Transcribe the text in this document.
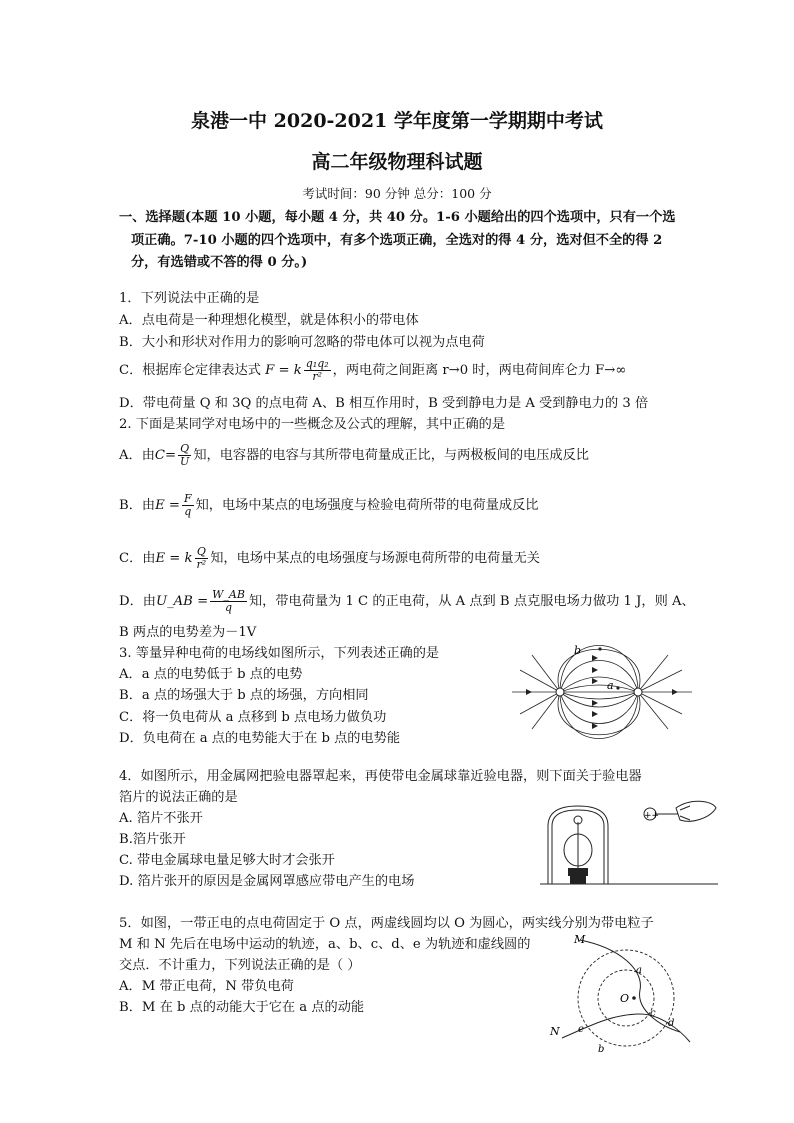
泉港一中 2020-2021 学年度第一学期期中考试
高二年级物理科试题
考试时间：90 分钟 总分：100 分
一、选择题(本题 10 小题，每小题 4 分，共 40 分。1-6 小题给出的四个选项中，只有一个选
项正确。7-10 小题的四个选项中，有多个选项正确，全选对的得 4 分，选对但不全的得 2
分，有选错或不答的得 0 分。)
1．下列说法中正确的是
A．点电荷是一种理想化模型，就是体积小的带电体
B．大小和形状对作用力的影响可忽略的带电体可以视为点电荷
C．根据库仑定律表达式 F = k $\frac{\text{q₁q₂}}{\text{r²}}$ ，两电荷之间距离 r→0 时，两电荷间库仑力 F→∞
D．带电荷量 Q 和 3Q 的点电荷 A、B 相互作用时，B 受到静电力是 A 受到静电力的 3 倍
2. 下面是某同学对电场中的一些概念及公式的理解，其中正确的是
A．由$C= \frac{Q}{U}$ 知，电容器的电容与其所带电荷量成正比，与两极板间的电压成反比
B．由$E = \frac{F}{q}$ 知，电场中某点的电场强度与检验电荷所带的电荷量成反比
C．由E = k $\frac{Q}{\text{r²}}$ 知，电场中某点的电场强度与场源电荷所带的电荷量无关
D．由U_AB = $\frac{W\_AB}{q}$ 知，带电荷量为 1 C 的正电荷，从 A 点到 B 点克服电场力做功 1 J，则 A、
B 两点的电势差为－1V
3. 等量异种电荷的电场线如图所示，下列表述正确的是
A．a 点的电势低于 b 点的电势
B．a 点的场强大于 b 点的场强，方向相同
C．将一负电荷从 a 点移到 b 点电场力做负功
D．负电荷在 a 点的电势能大于在 b 点的电势能
a
b
4．如图所示，用金属网把验电器罩起来，再使带电金属球靠近验电器，则下面关于验电器
箔片的说法正确的是
A. 箔片不张开
B.箔片张开
C. 带电金属球电量足够大时才会张开
D. 箔片张开的原因是金属网罩感应带电产生的电场
++
5．如图，一带正电的点电荷固定于 O 点，两虚线圆均以 O 为圆心，两实线分别为带电粒子
M 和 N 先后在电场中运动的轨迹，a、b、c、d、e 为轨迹和虚线圆的
交点．不计重力，下列说法正确的是（ ）
A．M 带正电荷，N 带负电荷
B．M 在 b 点的动能大于它在 a 点的动能
M
N
O
a
b
c
d
e
